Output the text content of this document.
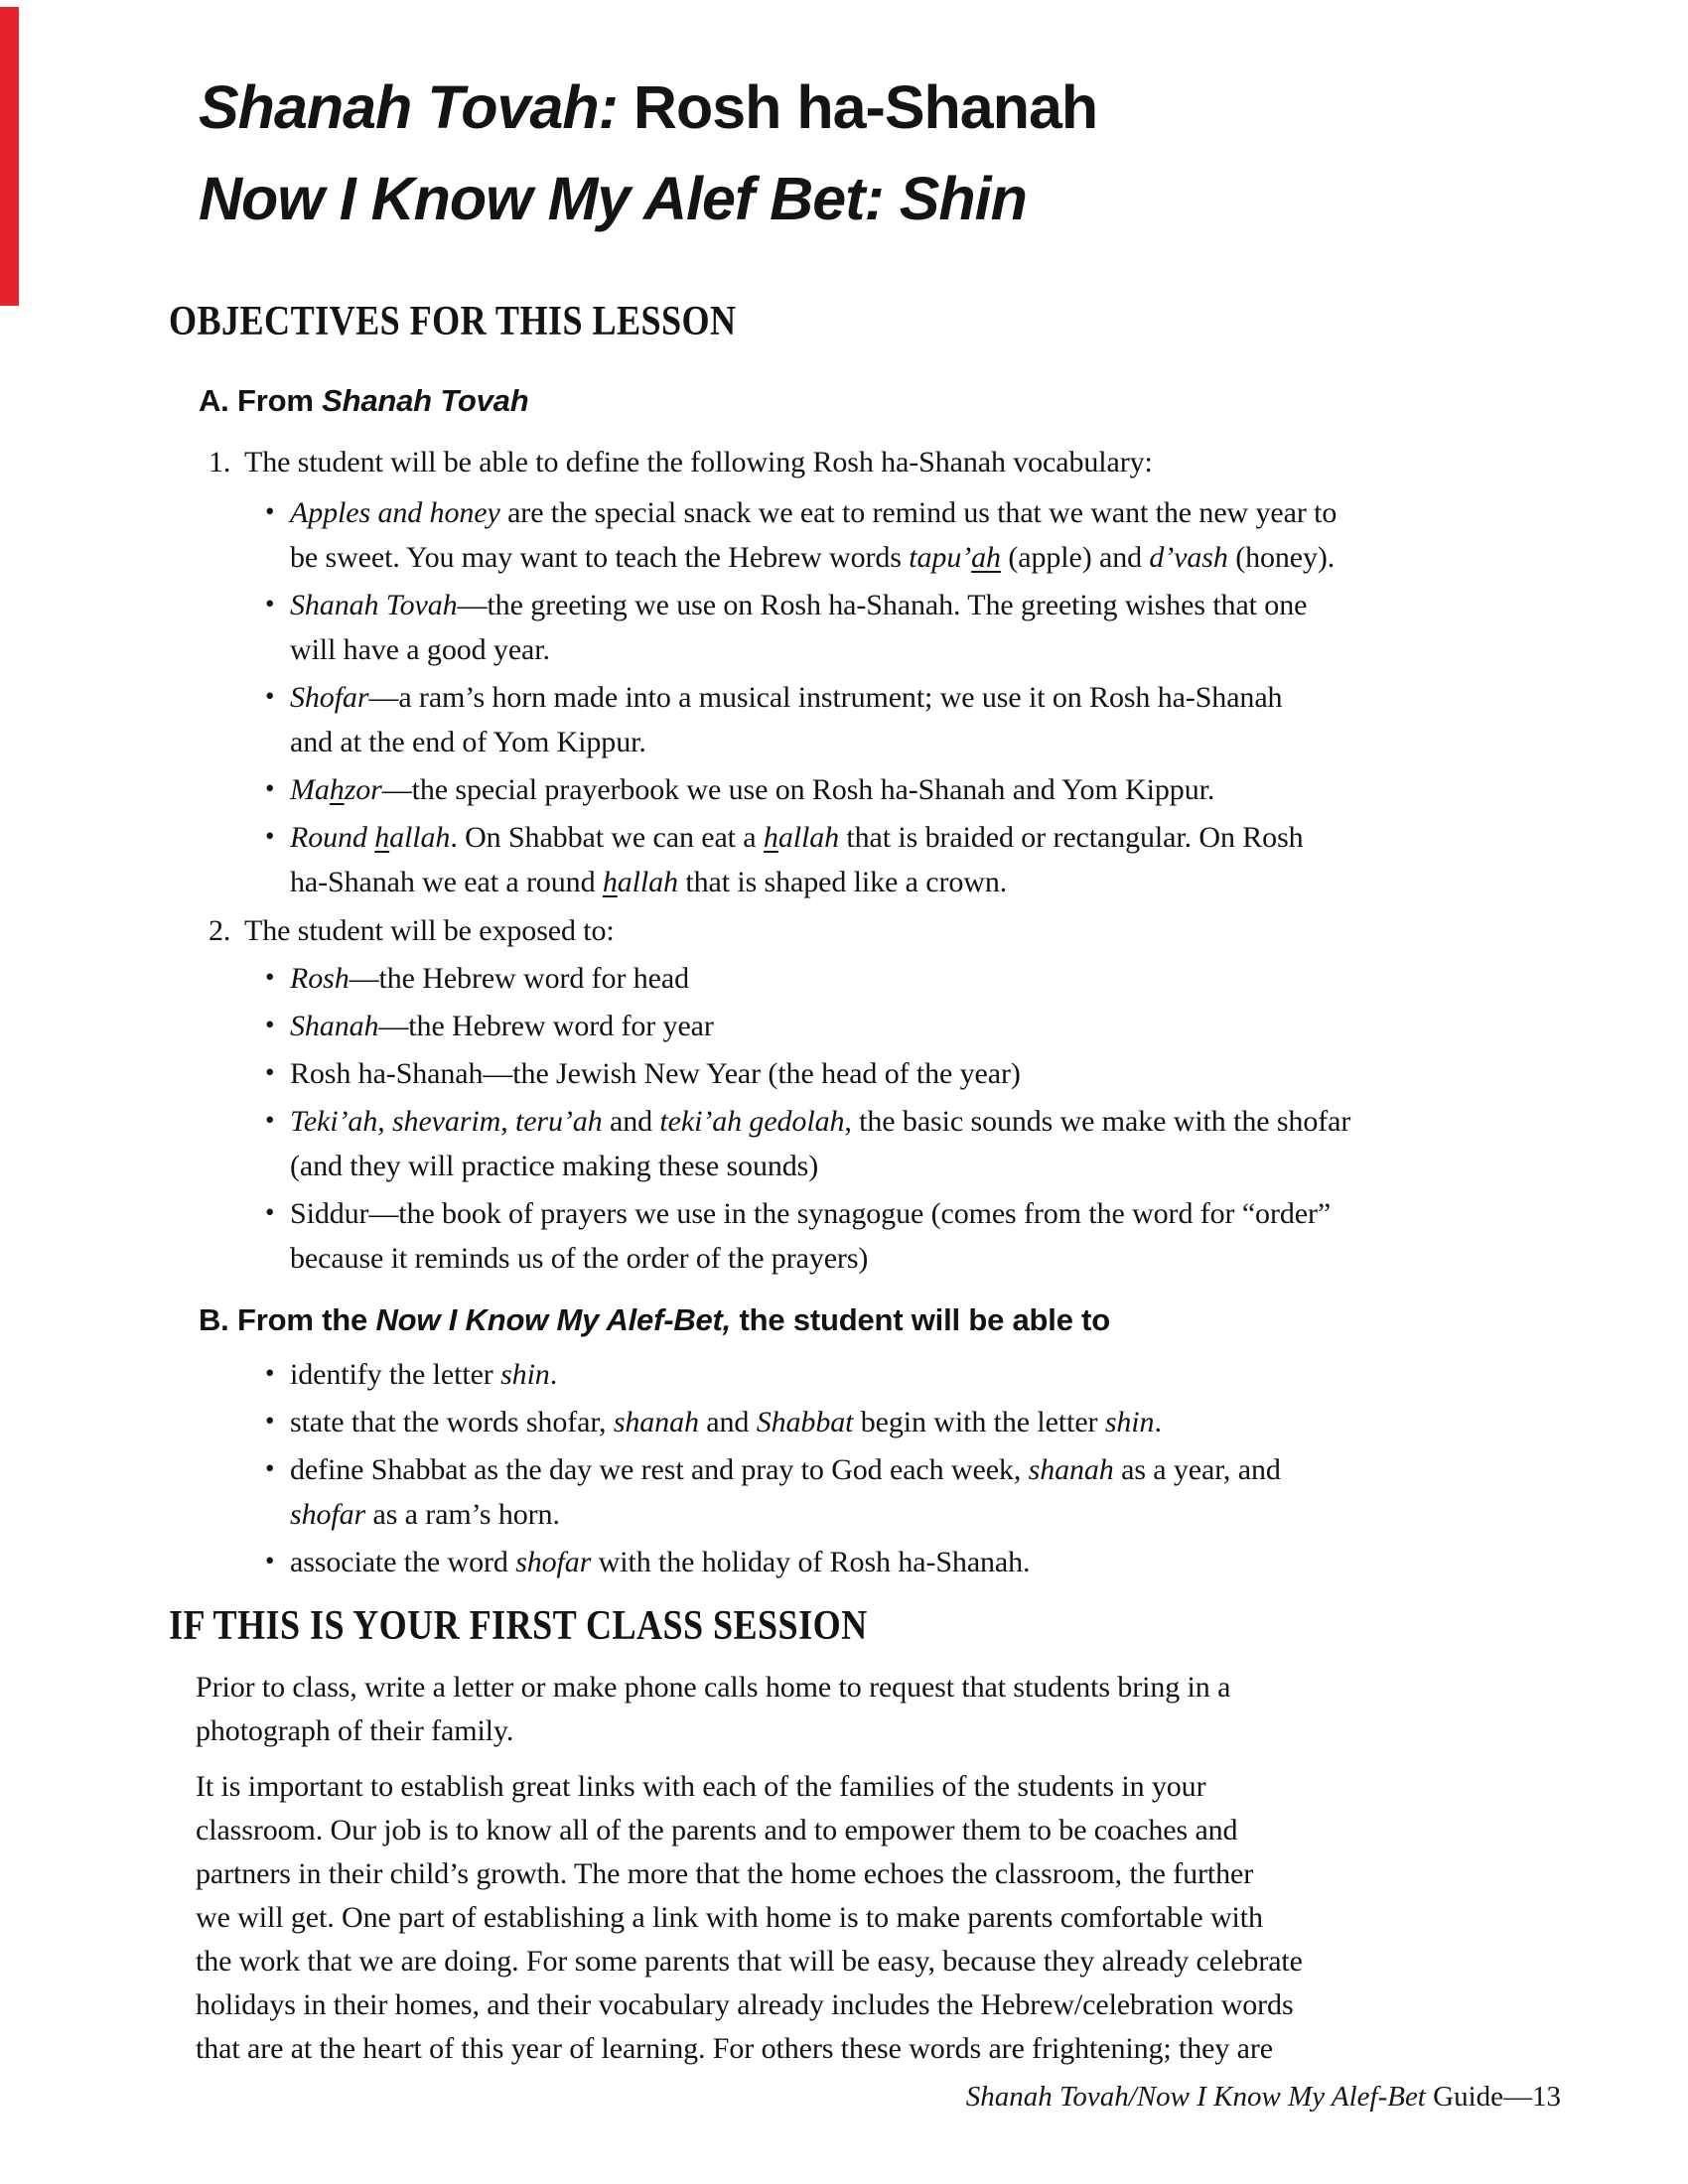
Shanah Tovah: Rosh ha-Shanah
Now I Know My Alef Bet: Shin
OBJECTIVES FOR THIS LESSON
A. From Shanah Tovah
1. The student will be able to define the following Rosh ha-Shanah vocabulary:
• Apples and honey are the special snack we eat to remind us that we want the new year to
be sweet. You may want to teach the Hebrew words tapu’ah (apple) and d’vash (honey).
• Shanah Tovah—the greeting we use on Rosh ha-Shanah. The greeting wishes that one
will have a good year.
• Shofar—a ram’s horn made into a musical instrument; we use it on Rosh ha-Shanah
and at the end of Yom Kippur.
• Mahzor—the special prayerbook we use on Rosh ha-Shanah and Yom Kippur.
• Round hallah. On Shabbat we can eat a hallah that is braided or rectangular. On Rosh
ha-Shanah we eat a round hallah that is shaped like a crown.
2. The student will be exposed to:
• Rosh—the Hebrew word for head
• Shanah—the Hebrew word for year
• Rosh ha-Shanah—the Jewish New Year (the head of the year)
• Teki’ah, shevarim, teru’ah and teki’ah gedolah, the basic sounds we make with the shofar
(and they will practice making these sounds)
• Siddur—the book of prayers we use in the synagogue (comes from the word for “order”
because it reminds us of the order of the prayers)
B. From the Now I Know My Alef-Bet, the student will be able to
• identify the letter shin.
• state that the words shofar, shanah and Shabbat begin with the letter shin.
• define Shabbat as the day we rest and pray to God each week, shanah as a year, and
shofar as a ram’s horn.
• associate the word shofar with the holiday of Rosh ha-Shanah.
IF THIS IS YOUR FIRST CLASS SESSION
Prior to class, write a letter or make phone calls home to request that students bring in a
photograph of their family.
It is important to establish great links with each of the families of the students in your
classroom. Our job is to know all of the parents and to empower them to be coaches and
partners in their child’s growth. The more that the home echoes the classroom, the further
we will get. One part of establishing a link with home is to make parents comfortable with
the work that we are doing. For some parents that will be easy, because they already celebrate
holidays in their homes, and their vocabulary already includes the Hebrew/celebration words
that are at the heart of this year of learning. For others these words are frightening; they are
Shanah Tovah/Now I Know My Alef-Bet Guide—13
